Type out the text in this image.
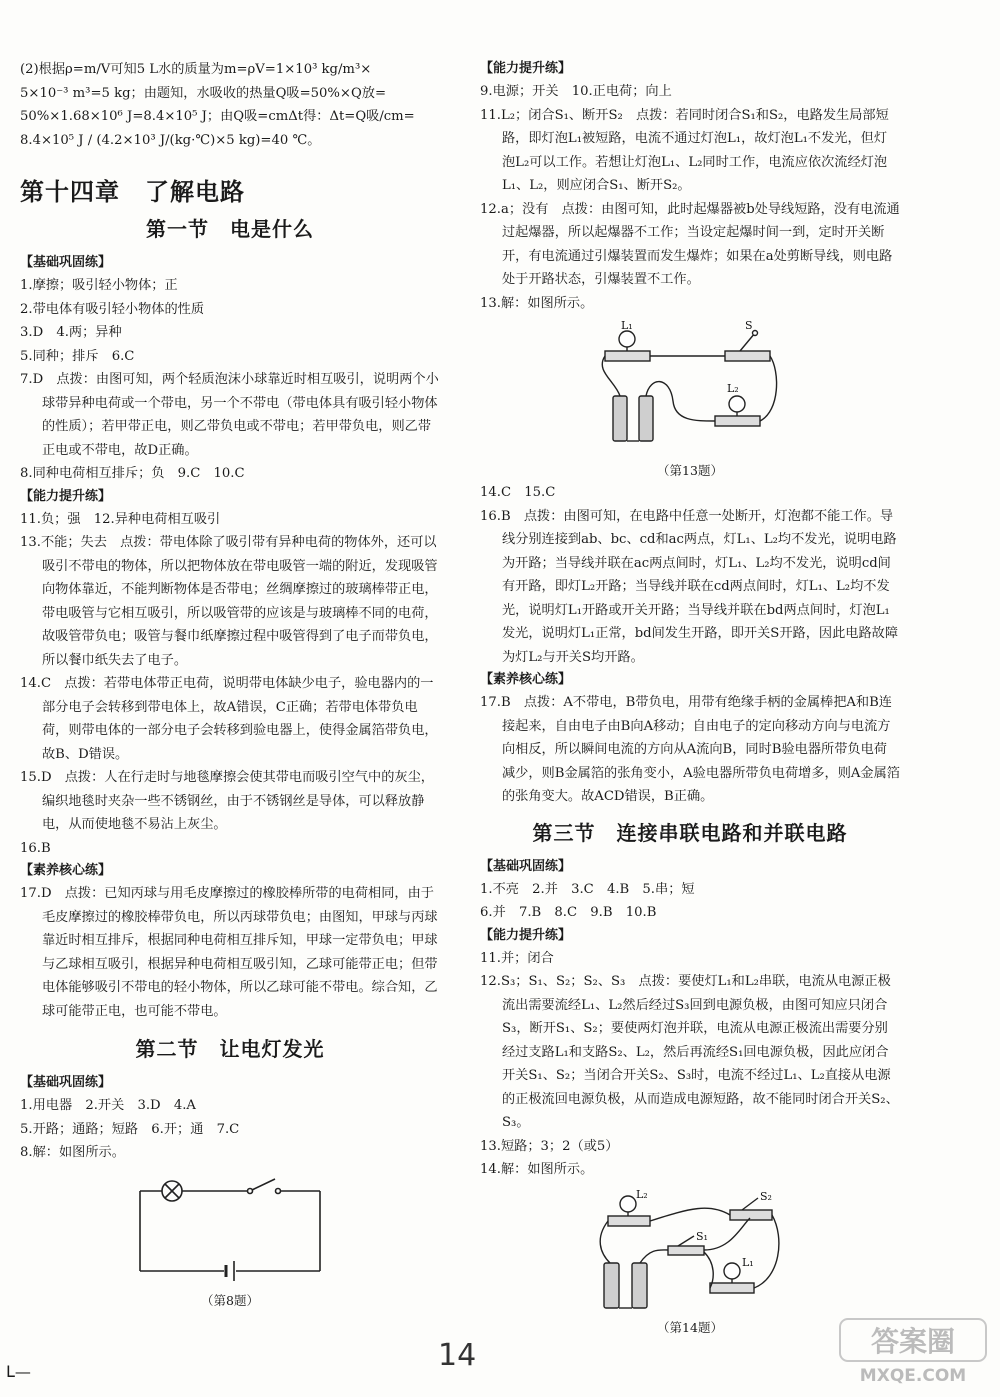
(2)根据ρ=m/V可知5 L水的质量为m=ρV=1×10³ kg/m³×

5×10⁻³ m³=5 kg；由题知，水吸收的热量Q吸=50%×Q放=

50%×1.68×10⁶ J=8.4×10⁵ J；由Q吸=cmΔt得：Δt=Q吸/cm=

8.4×10⁵ J / (4.2×10³ J/(kg·℃)×5 kg)=40 ℃。

第十四章　了解电路
第一节　电是什么
【基础巩固练】

1.摩擦；吸引轻小物体；正

2.带电体有吸引轻小物体的性质

3.D　4.两；异种

5.同种；排斥　6.C

7.D　点拨：由图可知，两个轻质泡沫小球靠近时相互吸引，说明两个小球带异种电荷或一个带电，另一个不带电（带电体具有吸引轻小物体的性质）；若甲带正电，则乙带负电或不带电；若甲带负电，则乙带正电或不带电，故D正确。

8.同种电荷相互排斥；负　9.C　10.C

【能力提升练】

11.负；强　12.异种电荷相互吸引

13.不能；失去　点拨：带电体除了吸引带有异种电荷的物体外，还可以吸引不带电的物体，所以把物体放在带电吸管一端的附近，发现吸管向物体靠近，不能判断物体是否带电；丝绸摩擦过的玻璃棒带正电，带电吸管与它相互吸引，所以吸管带的应该是与玻璃棒不同的电荷，故吸管带负电；吸管与餐巾纸摩擦过程中吸管得到了电子而带负电，所以餐巾纸失去了电子。

14.C　点拨：若带电体带正电荷，说明带电体缺少电子，验电器内的一部分电子会转移到带电体上，故A错误，C正确；若带电体带负电荷，则带电体的一部分电子会转移到验电器上，使得金属箔带负电，故B、D错误。

15.D　点拨：人在行走时与地毯摩擦会使其带电而吸引空气中的灰尘，编织地毯时夹杂一些不锈钢丝，由于不锈钢丝是导体，可以释放静电，从而使地毯不易沾上灰尘。

16.B

【素养核心练】

17.D　点拨：已知丙球与用毛皮摩擦过的橡胶棒所带的电荷相同，由于毛皮摩擦过的橡胶棒带负电，所以丙球带负电；由图知，甲球与丙球靠近时相互排斥，根据同种电荷相互排斥知，甲球一定带负电；甲球与乙球相互吸引，根据异种电荷相互吸引知，乙球可能带正电；但带电体能够吸引不带电的轻小物体，所以乙球可能不带电。综合知，乙球可能带正电，也可能不带电。

第二节　让电灯发光
【基础巩固练】

1.用电器　2.开关　3.D　4.A

5.开路；通路；短路　6.开；通　7.C

8.解：如图所示。

（第8题）
【能力提升练】

9.电源；开关　10.正电荷；向上

11.L₂；闭合S₁、断开S₂　点拨：若同时闭合S₁和S₂，电路发生局部短路，即灯泡L₁被短路，电流不通过灯泡L₁，故灯泡L₁不发光，但灯泡L₂可以工作。若想让灯泡L₁、L₂同时工作，电流应依次流经灯泡L₁、L₂，则应闭合S₁、断开S₂。

12.a；没有　点拨：由图可知，此时起爆器被b处导线短路，没有电流通过起爆器，所以起爆器不工作；当设定起爆时间一到，定时开关断开，有电流通过引爆装置而发生爆炸；如果在a处剪断导线，则电路处于开路状态，引爆装置不工作。

13.解：如图所示。

L₁	S
L₂
（第13题）

14.C　15.C

16.B　点拨：由图可知，在电路中任意一处断开，灯泡都不能工作。导线分别连接到ab、bc、cd和ac两点，灯L₁、L₂均不发光，说明电路为开路；当导线并联在ac两点间时，灯L₁、L₂均不发光，说明cd间有开路，即灯L₂开路；当导线并联在cd两点间时，灯L₁、L₂均不发光，说明灯L₁开路或开关开路；当导线并联在bd两点间时，灯泡L₁发光，说明灯L₁正常，bd间发生开路，即开关S开路，因此电路故障为灯L₂与开关S均开路。

【素养核心练】

17.B　点拨：A不带电，B带负电，用带有绝缘手柄的金属棒把A和B连接起来，自由电子由B向A移动；自由电子的定向移动方向与电流方向相反，所以瞬间电流的方向从A流向B，同时B验电器所带负电荷减少，则B金属箔的张角变小，A验电器所带负电荷增多，则A金属箔的张角变大。故ACD错误，B正确。

第三节　连接串联电路和并联电路
【基础巩固练】

1.不亮　2.并　3.C　4.B　5.串；短

6.并　7.B　8.C　9.B　10.B

【能力提升练】

11.并；闭合

12.S₃；S₁、S₂；S₂、S₃　点拨：要使灯L₁和L₂串联，电流从电源正极流出需要流经L₁、L₂然后经过S₃回到电源负极，由图可知应只闭合S₃，断开S₁、S₂；要使两灯泡并联，电流从电源正极流出需要分别经过支路L₁和支路S₂、L₂，然后再流经S₁回电源负极，因此应闭合开关S₁、S₂；当闭合开关S₂、S₃时，电流不经过L₁、L₂直接从电源的正极流回电源负极，从而造成电源短路，故不能同时闭合开关S₂、S₃。

13.短路；3；2（或5）

14.解：如图所示。

L₂	S₂
S₁
L₁
（第14题）
ᒪ—	14	答案圈
MXQE.COM
